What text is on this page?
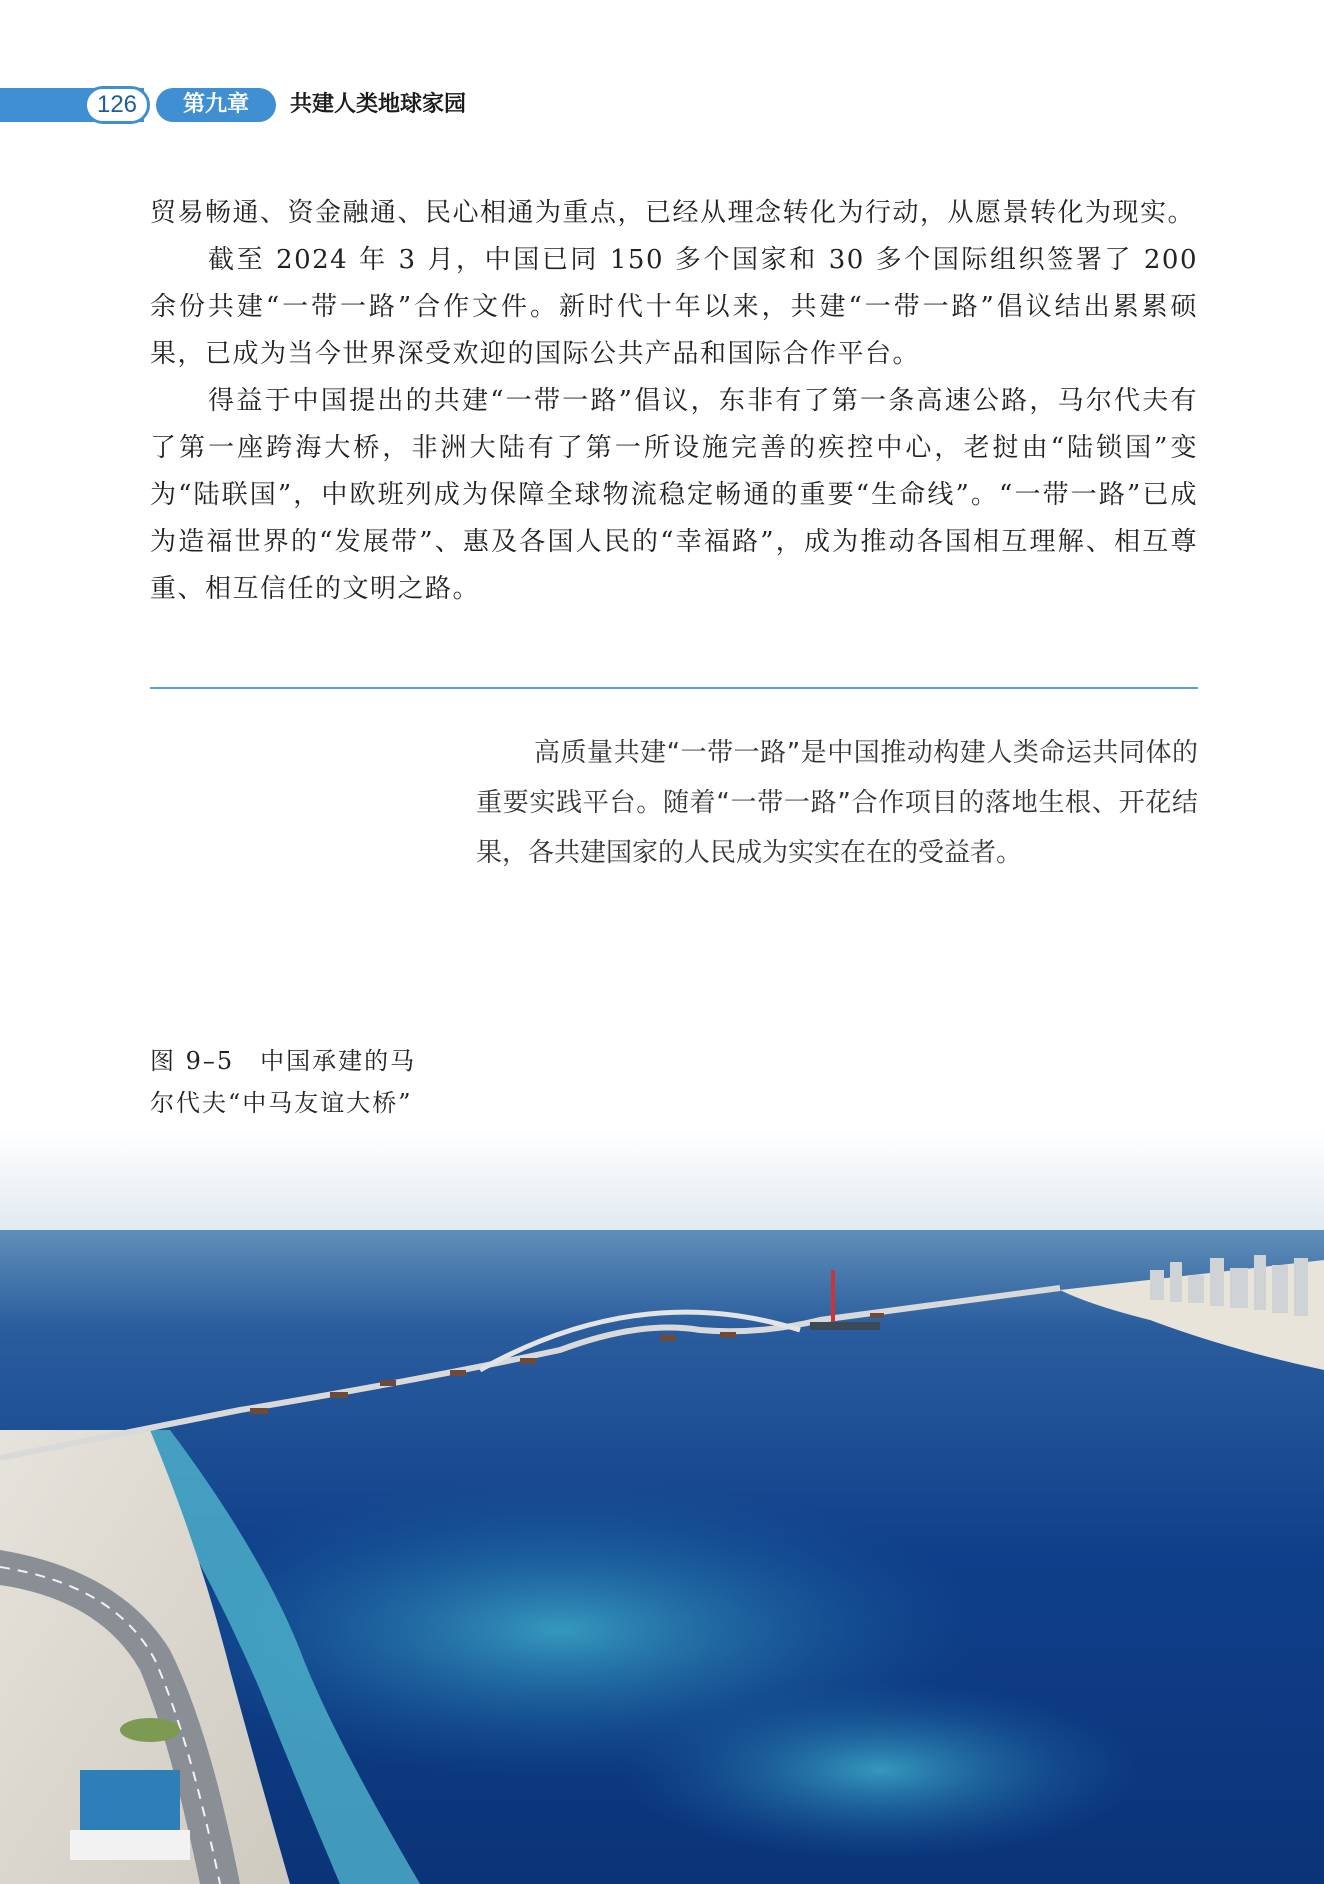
126	第九章	共建人类地球家园

贸易畅通、资金融通、民心相通为重点，已经从理念转化为行动，从愿景转化为现实。

截至 2024 年 3 月，中国已同 150 多个国家和 30 多个国际组织签署了 200 余份共建“一带一路”合作文件。新时代十年以来，共建“一带一路”倡议结出累累硕果，已成为当今世界深受欢迎的国际公共产品和国际合作平台。

得益于中国提出的共建“一带一路”倡议，东非有了第一条高速公路，马尔代夫有了第一座跨海大桥，非洲大陆有了第一所设施完善的疾控中心，老挝由“陆锁国”变为“陆联国”，中欧班列成为保障全球物流稳定畅通的重要“生命线”。“一带一路”已成为造福世界的“发展带”、惠及各国人民的“幸福路”，成为推动各国相互理解、相互尊重、相互信任的文明之路。

高质量共建“一带一路”是中国推动构建人类命运共同体的重要实践平台。随着“一带一路”合作项目的落地生根、开花结果，各共建国家的人民成为实实在在的受益者。
图 9–5　中国承建的马
尔代夫“中马友谊大桥”
